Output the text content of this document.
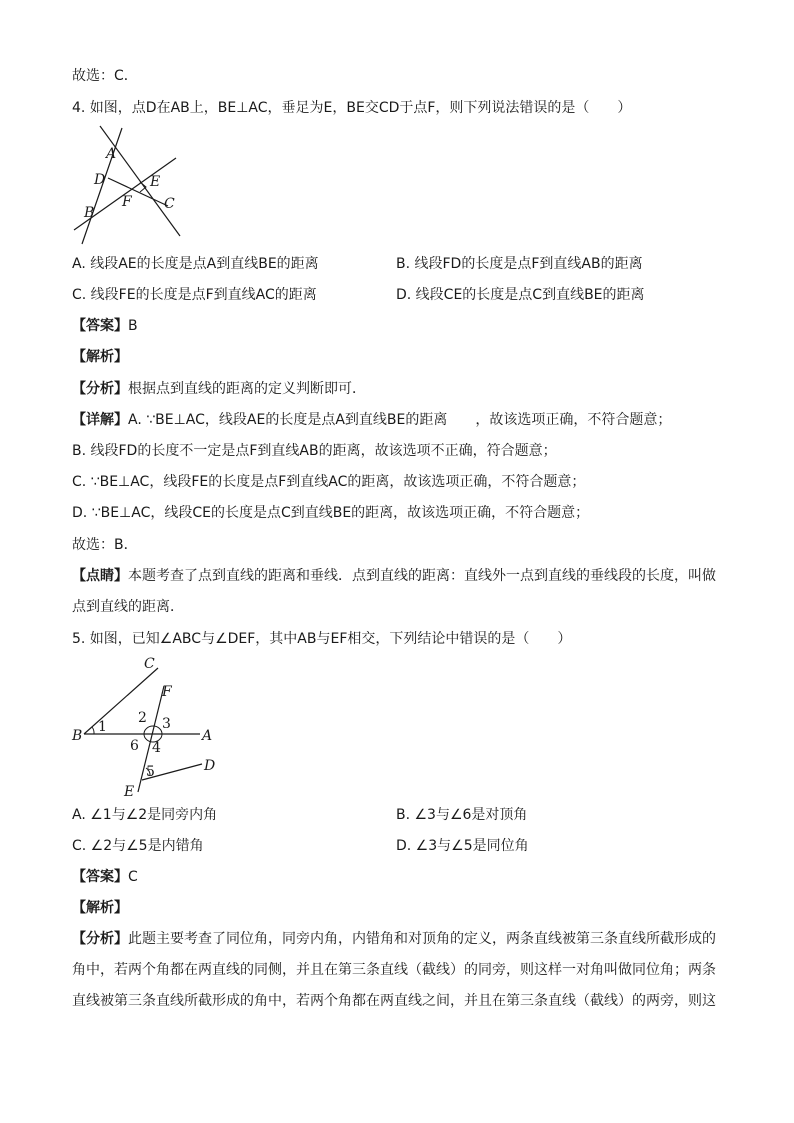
故选：C．
4. 如图，点D在AB上，BE⊥AC，垂足为E，BE交CD于点F，则下列说法错误的是（　　）
A
D	E
F
B
C
A. 线段AE的长度是点A到直线BE的距离	B. 线段FD的长度是点F到直线AB的距离
C. 线段FE的长度是点F到直线AC的距离	D. 线段CE的长度是点C到直线BE的距离
【答案】B
【解析】
【分析】根据点到直线的距离的定义判断即可．
【详解】A. ∵BE⊥AC，线段AE的长度是点A到直线BE的距离　　，故该选项正确，不符合题意；
B. 线段FD的长度不一定是点F到直线AB的距离，故该选项不正确，符合题意；
C. ∵BE⊥AC，线段FE的长度是点F到直线AC的距离，故该选项正确，不符合题意；
D. ∵BE⊥AC，线段CE的长度是点C到直线BE的距离，故该选项正确，不符合题意；
故选：B．
【点睛】本题考查了点到直线的距离和垂线．点到直线的距离：直线外一点到直线的垂线段的长度，叫做
点到直线的距离．
5. 如图，已知∠ABC与∠DEF，其中AB与EF相交，下列结论中错误的是（　　）
C
F
B	A
E
D
1
2 3
4
6
5
A. ∠1与∠2是同旁内角	B. ∠3与∠6是对顶角
C. ∠2与∠5是内错角	D. ∠3与∠5是同位角
【答案】C
【解析】
【分析】此题主要考查了同位角，同旁内角，内错角和对顶角的定义，两条直线被第三条直线所截形成的
角中，若两个角都在两直线的同侧，并且在第三条直线（截线）的同旁，则这样一对角叫做同位角；两条
直线被第三条直线所截形成的角中，若两个角都在两直线之间，并且在第三条直线（截线）的两旁，则这
